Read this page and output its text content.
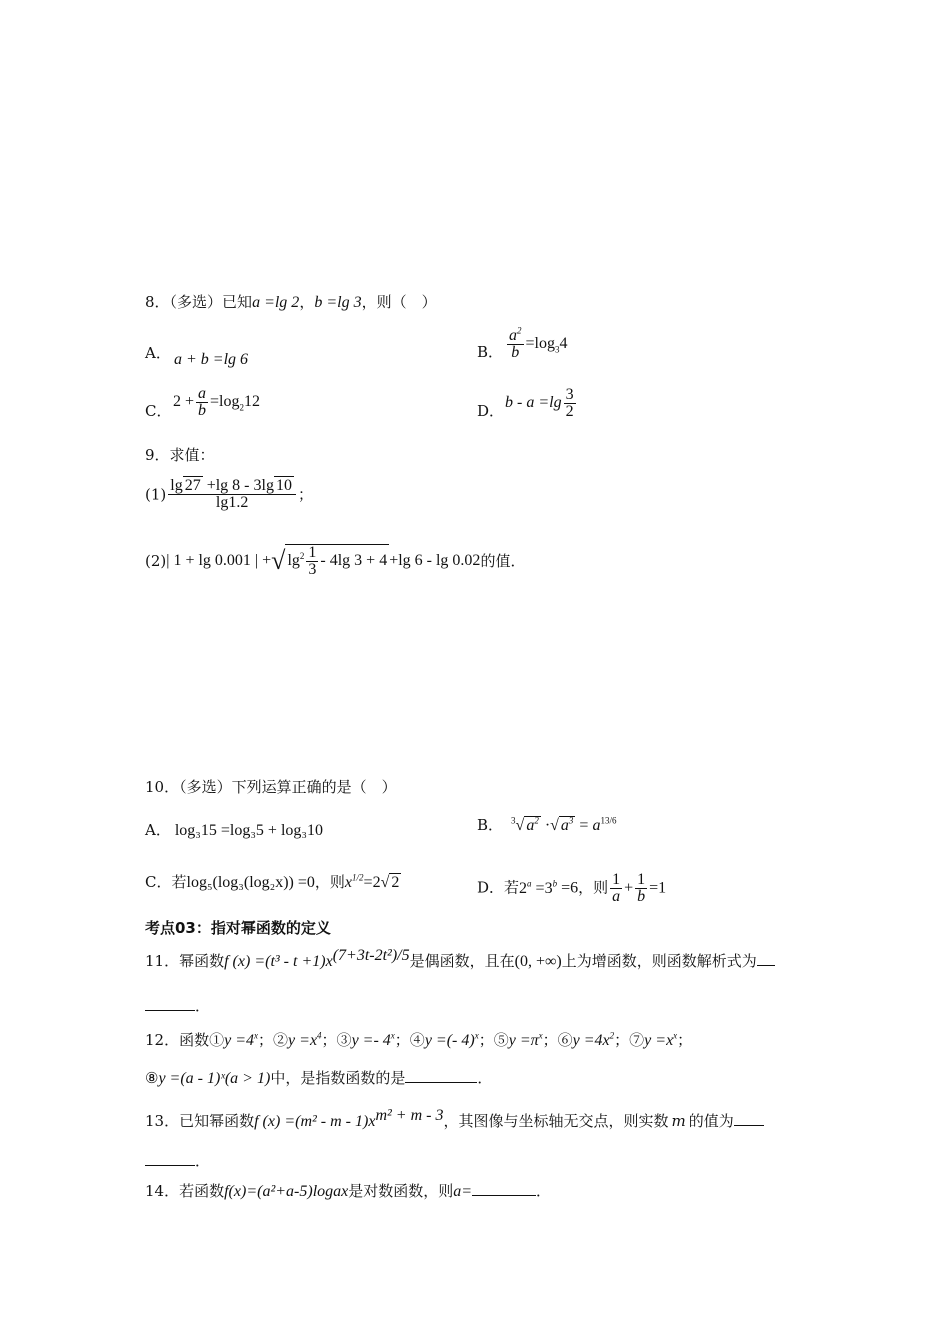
8．（多选）已知a =lg 2，b =lg 3，则（　）
A． a + b =lg 6	B． $\frac{a^2}{b} =\log_34$
C．
$2 + \frac{a}{b} =\log_212$
D． $b - a =\lg \frac{3}{2}$
9．求值：
$(1) \frac{\lg 27 +\lg 8 - 3\lg 10}{\lg 1.2}$ ；
(2)| 1 + lg 0.001 | +√ $\lg^2 \frac{1}{3} - 4\lg$ 3 + 4 +lg 6 - lg 0.02的值．
10．（多选）下列运算正确的是（　）
A． log₃15 =log₃5 + log₃10	B． $^3$√ $a^2$ ·√ $a^3 = a^{13/6}$
C．若log₅(log₃(log₂x)) =0，则$x^{1/2}=2√$ 2	D．若$2^a =3^b =6$，则 $\frac{1}{a} + \frac{1}{b} =1$
考点03：指对幂函数的定义
11．幂函数f $(x) =(t^3 - t +1)x^{(7+3t-2t^2)/5}$是偶函数，且在(0, +∞)上为增函数，则函数解析式为
．
12．函数①y $=4^x$；②y $=x^4$；③y =- 4$^x$；④y =(- 4)$^x$；⑤y $=\pi^x$；⑥y $=4x^2$；⑦y $=x^x$；
⑧y =(a - 1)ˣ(a > 1)中，是指数函数的是	．
13．已知幂函数f $(x) =(m^2 - m - 1)x^{m^2 + m - 3}$，其图像与坐标轴无交点，则实数 m 的值为
．
14．若函数f(x)=(a²+a-5)logax是对数函数，则a=	．
